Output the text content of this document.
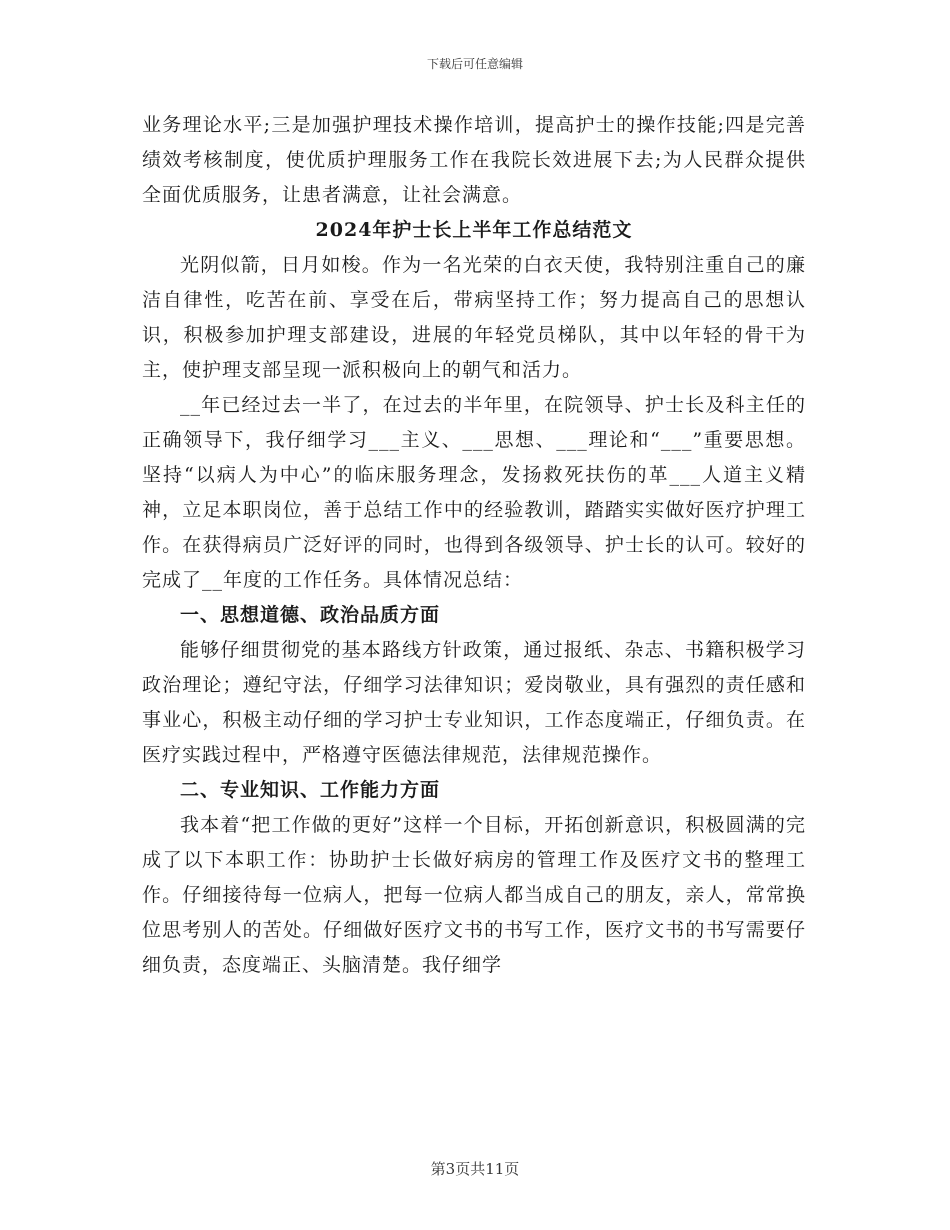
下载后可任意编辑

业务理论水平;三是加强护理技术操作培训，提高护士的操作技能;四是完善绩效考核制度，使优质护理服务工作在我院长效进展下去;为人民群众提供全面优质服务，让患者满意，让社会满意。

2024年护士长上半年工作总结范文

光阴似箭，日月如梭。作为一名光荣的白衣天使，我特别注重自己的廉洁自律性，吃苦在前、享受在后，带病坚持工作；努力提高自己的思想认识，积极参加护理支部建设，进展的年轻党员梯队，其中以年轻的骨干为主，使护理支部呈现一派积极向上的朝气和活力。

__年已经过去一半了，在过去的半年里，在院领导、护士长及科主任的正确领导下，我仔细学习___主义、___思想、___理论和“___”重要思想。坚持“以病人为中心”的临床服务理念，发扬救死扶伤的革___人道主义精神，立足本职岗位，善于总结工作中的经验教训，踏踏实实做好医疗护理工作。在获得病员广泛好评的同时，也得到各级领导、护士长的认可。较好的完成了__年度的工作任务。具体情况总结：

一、思想道德、政治品质方面

能够仔细贯彻党的基本路线方针政策，通过报纸、杂志、书籍积极学习政治理论；遵纪守法，仔细学习法律知识；爱岗敬业，具有强烈的责任感和事业心，积极主动仔细的学习护士专业知识，工作态度端正，仔细负责。在医疗实践过程中，严格遵守医德法律规范，法律规范操作。

二、专业知识、工作能力方面

我本着“把工作做的更好”这样一个目标，开拓创新意识，积极圆满的完成了以下本职工作：协助护士长做好病房的管理工作及医疗文书的整理工作。仔细接待每一位病人，把每一位病人都当成自己的朋友，亲人，常常换位思考别人的苦处。仔细做好医疗文书的书写工作，医疗文书的书写需要仔细负责，态度端正、头脑清楚。我仔细学

第3页共11页
